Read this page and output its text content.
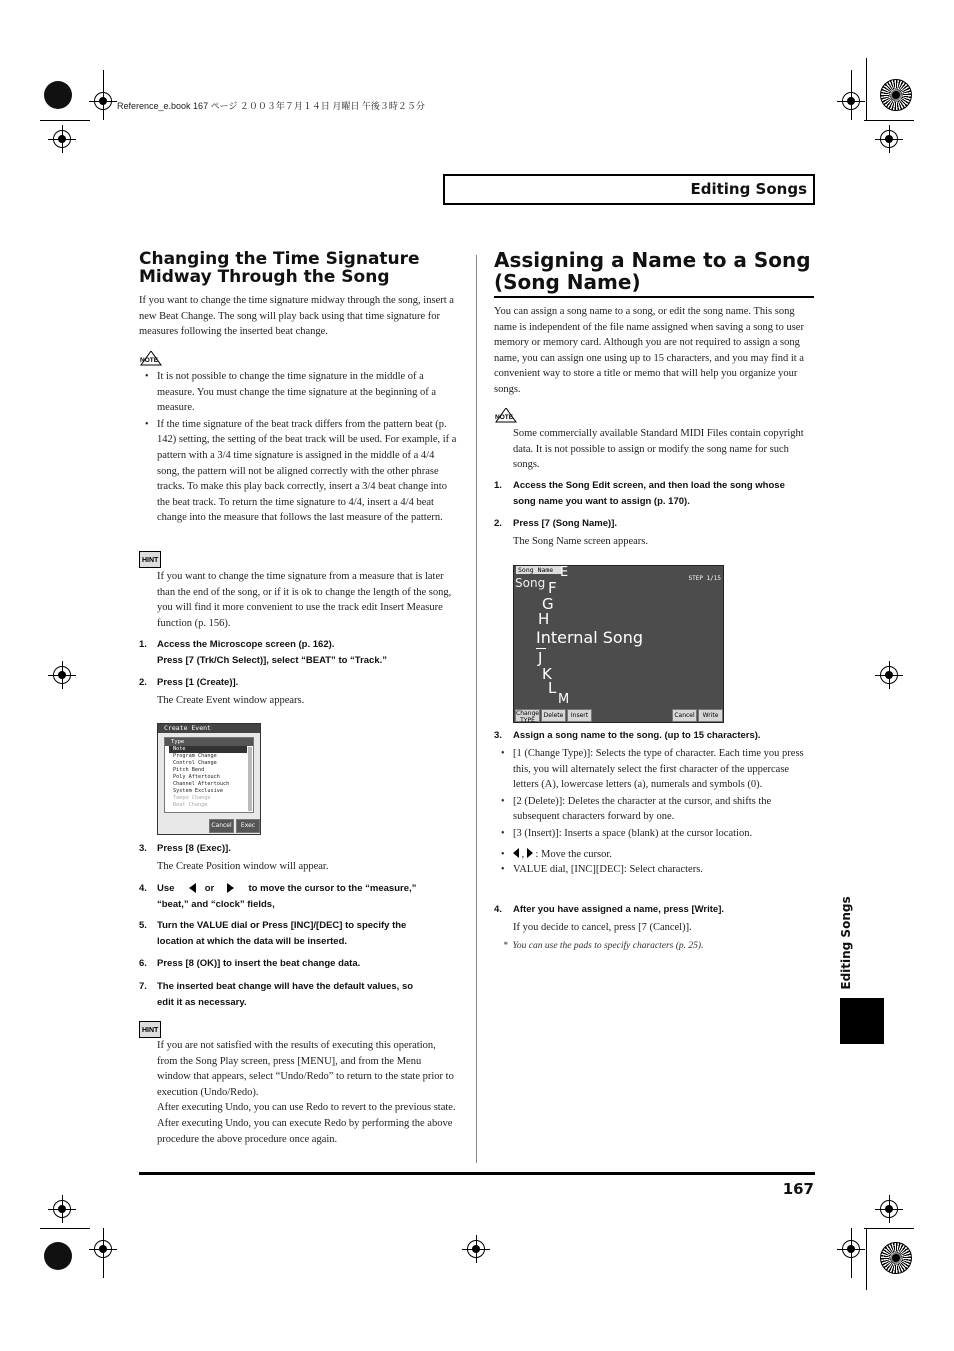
Reference_e.book 167 ページ ２００３年７月１４日 月曜日 午後３時２５分
Editing Songs
Editing Songs
Changing the Time Signature
Midway Through the Song

If you want to change the time signature midway through the song, insert a new Beat Change. The song will play back using that time signature for measures following the inserted beat change.

NOTE

• It is not possible to change the time signature in the middle of a measure. You must change the time signature at the beginning of a measure.

• If the time signature of the beat track differs from the pattern beat (p. 142) setting, the setting of the beat track will be used. For example, if a pattern with a 3/4 time signature is assigned in the middle of a 4/4 song, the pattern will not be aligned correctly with the other phrase tracks. To make this play back correctly, insert a 3/4 beat change into the beat track. To return the time signature to 4/4, insert a 4/4 beat change into the measure that follows the last measure of the pattern.

HINT

If you want to change the time signature from a measure that is later than the end of the song, or if it is ok to change the length of the song, you will find it more convenient to use the track edit Insert Measure function (p. 156).

1.	Access the Microscope screen (p. 162).
Press [7 (Trk/Ch Select)], select “BEAT” to “Track.”
2.	Press [1 (Create)].

The Create Event window appears.

Create Event
Type
Note
Program Change
Control Change
Pitch Bend
Poly Aftertouch
Channel Aftertouch
System Exclusive
Tempo Change
Beat Change
Cancel	Exec
3.	Press [8 (Exec)].

The Create Position window will appear.

4.	Use	or	to move the cursor to the “measure,”
“beat,” and “clock” fields,
5.	Turn the VALUE dial or Press [INC]/[DEC] to specify the
location at which the data will be inserted.
6.	Press [8 (OK)] to insert the beat change data.
7.	The inserted beat change will have the default values, so
edit it as necessary.
HINT

If you are not satisfied with the results of executing this operation, from the Song Play screen, press [MENU], and from the Menu window that appears, select “Undo/Redo” to return to the state prior to execution (Undo/Redo).

After executing Undo, you can use Redo to revert to the previous state. After executing Undo, you can execute Redo by performing the above procedure the above procedure once again.

Assigning a Name to a Song
(Song Name)

You can assign a song name to a song, or edit the song name. This song name is independent of the file name assigned when saving a song to user memory or memory card. Although you are not required to assign a song name, you can assign one using up to 15 characters, and you may find it a convenient way to store a title or memo that will help you organize your songs.

NOTE

Some commercially available Standard MIDI Files contain copyright data. It is not possible to assign or modify the song name for such songs.

1.	Access the Song Edit screen, and then load the song whose
song name you want to assign (p. 170).
2.	Press [7 (Song Name)].

The Song Name screen appears.

Song Name
STEP 1/15
Song
E
F
G
H
Internal Song
J
K
L
M
Change TYPE
Delete	Insert	Cancel	Write
3.	Assign a song name to the song. (up to 15 characters).

• [1 (Change Type)]: Selects the type of character. Each time you press this, you will alternately select the first character of the uppercase letters (A), lowercase letters (a), numerals and symbols (0).

• [2 (Delete)]: Deletes the character at the cursor, and shifts the subsequent characters forward by one.

• [3 (Insert)]: Inserts a space (blank) at the cursor location.

• , : Move the cursor.

• VALUE dial, [INC][DEC]: Select characters.

4.	After you have assigned a name, press [Write].

If you decide to cancel, press [7 (Cancel)].

*  You can use the pads to specify characters (p. 25).
167
